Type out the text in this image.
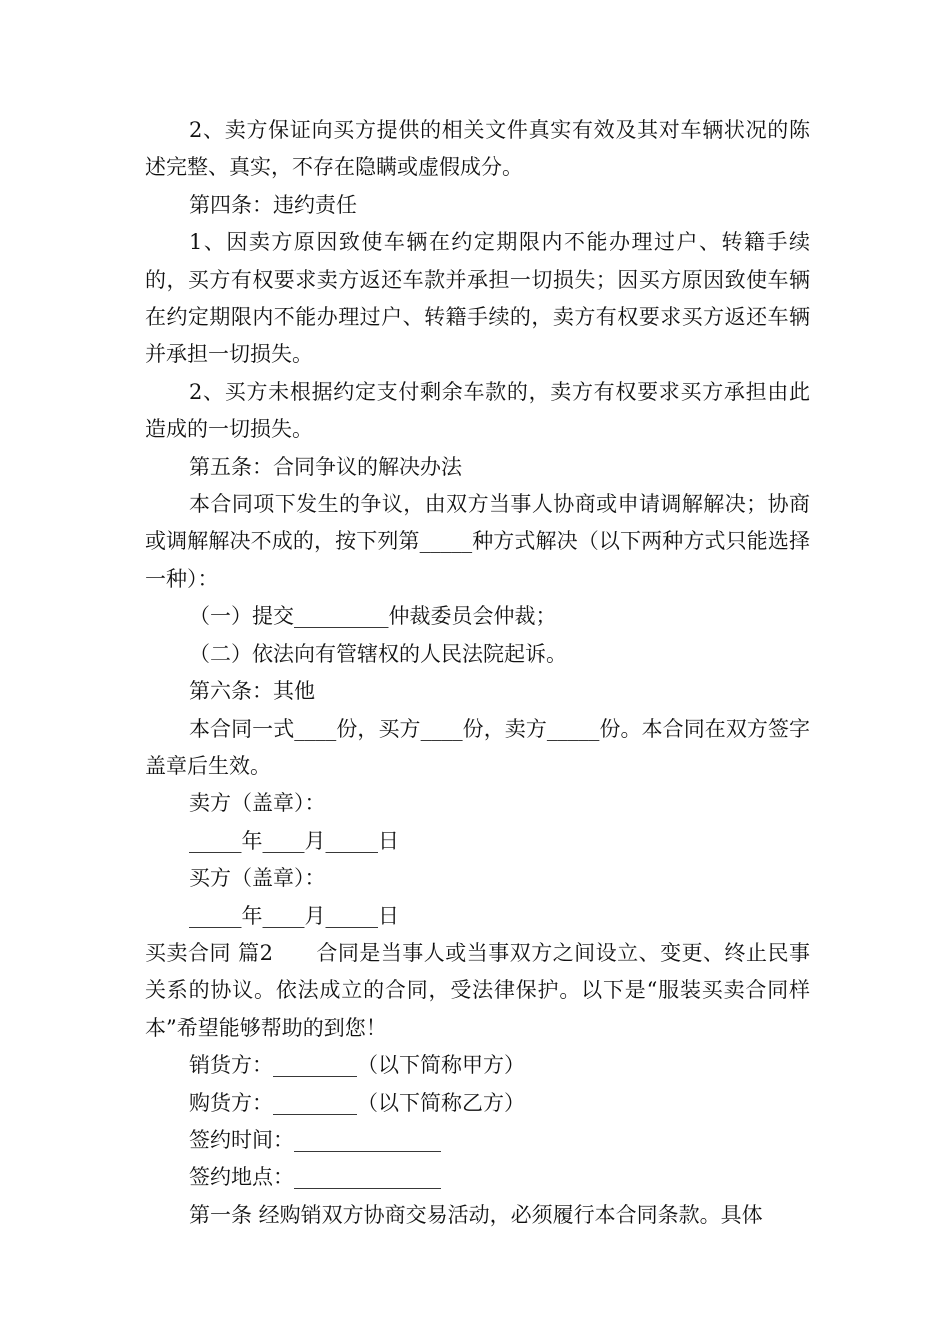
2、卖方保证向买方提供的相关文件真实有效及其对车辆状况的陈述完整、真实，不存在隐瞒或虚假成分。

第四条：违约责任

1、因卖方原因致使车辆在约定期限内不能办理过户、转籍手续的，买方有权要求卖方返还车款并承担一切损失；因买方原因致使车辆在约定期限内不能办理过户、转籍手续的，卖方有权要求买方返还车辆并承担一切损失。

2、买方未根据约定支付剩余车款的，卖方有权要求买方承担由此造成的一切损失。

第五条：合同争议的解决办法

本合同项下发生的争议，由双方当事人协商或申请调解解决；协商或调解解决不成的，按下列第_____种方式解决（以下两种方式只能选择一种）：

（一）提交_________仲裁委员会仲裁；

（二）依法向有管辖权的人民法院起诉。

第六条：其他

本合同一式____份，买方____份，卖方_____份。本合同在双方签字盖章后生效。

卖方（盖章）：

_____年____月_____日

买方（盖章）：

_____年____月_____日

买卖合同 篇2　　合同是当事人或当事双方之间设立、变更、终止民事关系的协议。依法成立的合同，受法律保护。以下是“服装买卖合同样本”希望能够帮助的到您！

销货方：________（以下简称甲方）

购货方：________（以下简称乙方）

签约时间：______________

签约地点：______________

第一条 经购销双方协商交易活动，必须履行本合同条款。具体
